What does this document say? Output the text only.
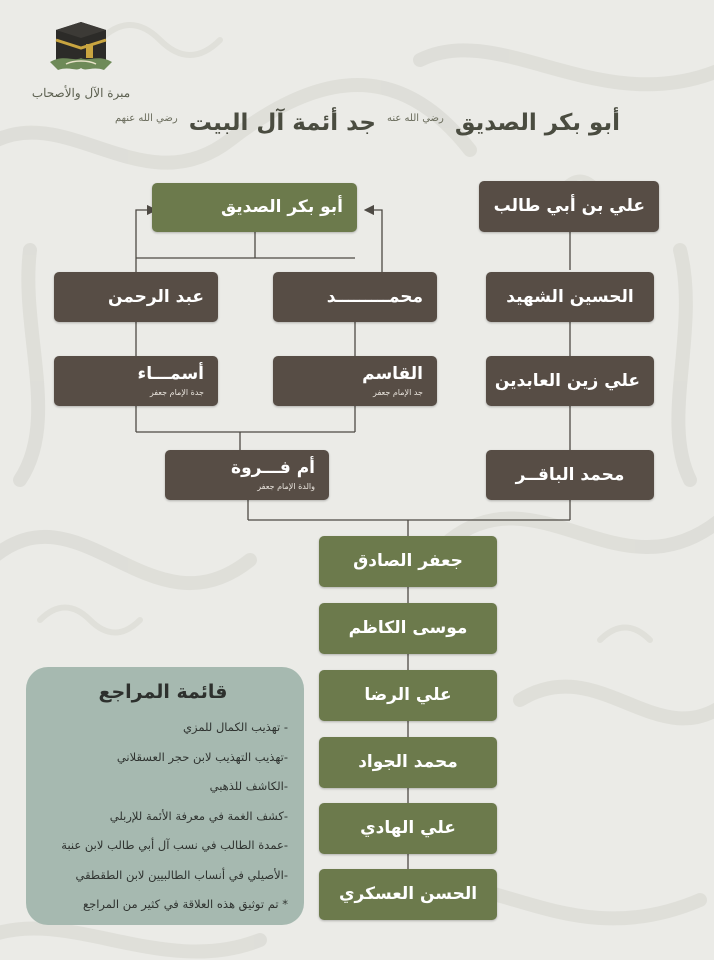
مبرة الآل والأصحاب
أبو بكر الصديق $^{رضي الله عنه}$ جد أئمة آل البيت $^{رضي الله عنهم}$
أبو بكر الصديق	علي بن أبي طالب
عبد الرحمن	محمـــــــــد	الحسين الشهيد
أسمـــاء
جدة الإمام جعفر
القاسم
جد الإمام جعفر
علي زين العابدين
أم فـــروة
والدة الإمام جعفر
محمد الباقــر
جعفر الصادق
موسى الكاظم
علي الرضا
محمد الجواد
علي الهادي
الحسن العسكري
قائمة المراجع
- تهذيب الكمال للمزي
-تهذيب التهذيب لابن حجر العسقلاني
-الكاشف للذهبي
-كشف الغمة في معرفة الأئمة للإربلي
-عمدة الطالب في نسب آل أبي طالب لابن عنبة
-الأصيلي في أنساب الطالبيين لابن الطقطقي
* تم توثيق هذه العلاقة في كثير من المراجع
